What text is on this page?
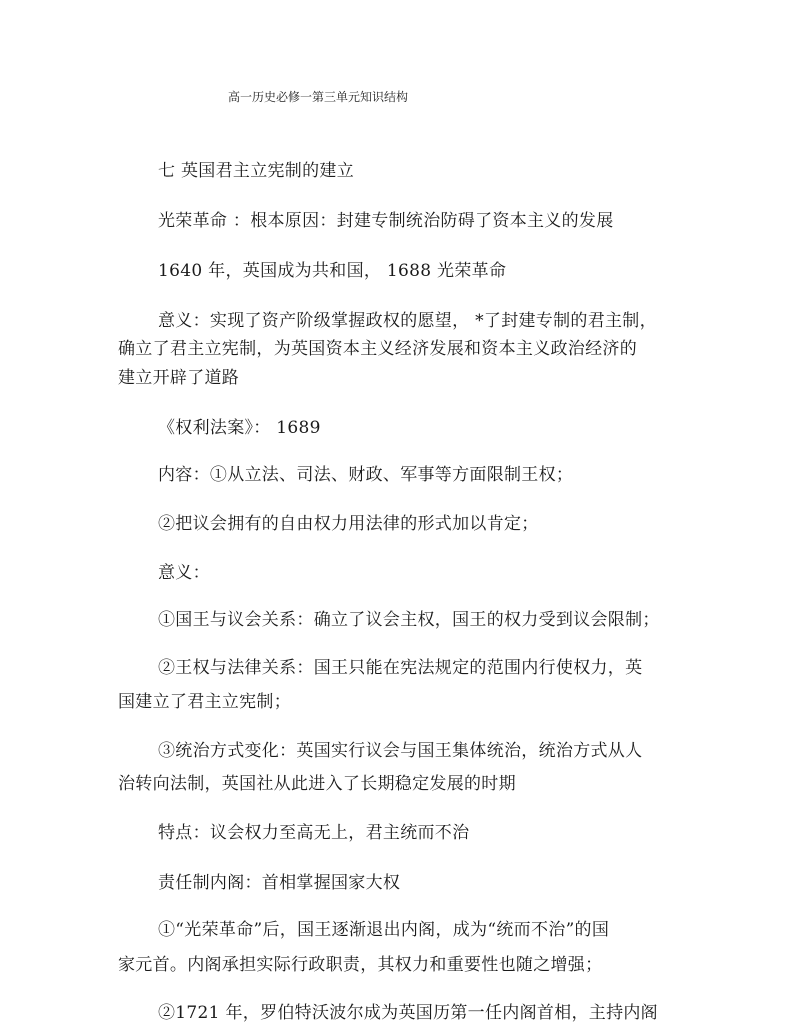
高一历史必修一第三单元知识结构
七 英国君主立宪制的建立
光荣革命 ：根本原因：封建专制统治防碍了资本主义的发展
1640 年，英国成为共和国， 1688 光荣革命
意义：实现了资产阶级掌握政权的愿望， *了封建专制的君主制，
确立了君主立宪制，为英国资本主义经济发展和资本主义政治经济的
建立开辟了道路
《权利法案》： 1689
内容：①从立法、司法、财政、军事等方面限制王权；
②把议会拥有的自由权力用法律的形式加以肯定；
意义：
①国王与议会关系：确立了议会主权，国王的权力受到议会限制；
②王权与法律关系：国王只能在宪法规定的范围内行使权力，英
国建立了君主立宪制；
③统治方式变化：英国实行议会与国王集体统治，统治方式从人
治转向法制，英国社从此进入了长期稳定发展的时期
特点：议会权力至高无上，君主统而不治
责任制内阁：首相掌握国家大权
①“光荣革命”后，国王逐渐退出内阁，成为“统而不治”的国
家元首。内阁承担实际行政职责，其权力和重要性也随之增强；
②1721 年，罗伯特沃波尔成为英国历第一任内阁首相，主持内阁
